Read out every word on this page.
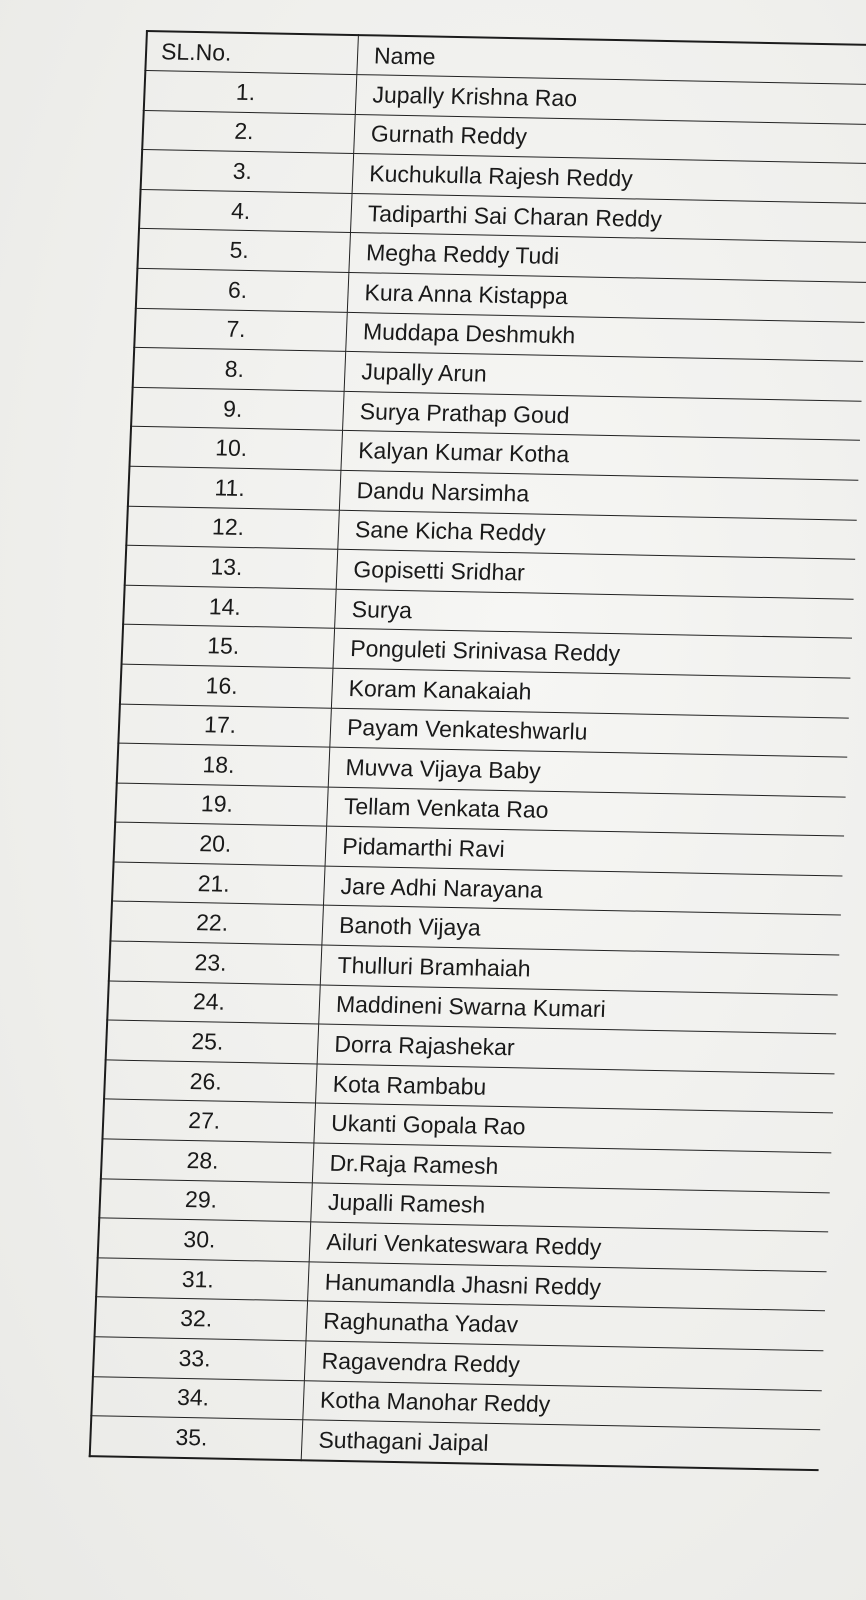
SL.No.	Name
1.	Jupally Krishna Rao
2.	Gurnath Reddy
3.	Kuchukulla Rajesh Reddy
4.	Tadiparthi Sai Charan Reddy
5.	Megha Reddy Tudi
6.	Kura Anna Kistappa
7.	Muddapa Deshmukh
8.	Jupally Arun
9.	Surya Prathap Goud
10.	Kalyan Kumar Kotha
11.	Dandu Narsimha
12.	Sane Kicha Reddy
13.	Gopisetti Sridhar
14.	Surya
15.	Ponguleti Srinivasa Reddy
16.	Koram Kanakaiah
17.	Payam Venkateshwarlu
18.	Muvva Vijaya Baby
19.	Tellam Venkata Rao
20.	Pidamarthi Ravi
21.	Jare Adhi Narayana
22.	Banoth Vijaya
23.	Thulluri Bramhaiah
24.	Maddineni Swarna Kumari
25.	Dorra Rajashekar
26.	Kota Rambabu
27.	Ukanti Gopala Rao
28.	Dr.Raja Ramesh
29.	Jupalli Ramesh
30.	Ailuri Venkateswara Reddy
31.	Hanumandla Jhasni Reddy
32.	Raghunatha Yadav
33.	Ragavendra Reddy
34.	Kotha Manohar Reddy
35.	Suthagani Jaipal
